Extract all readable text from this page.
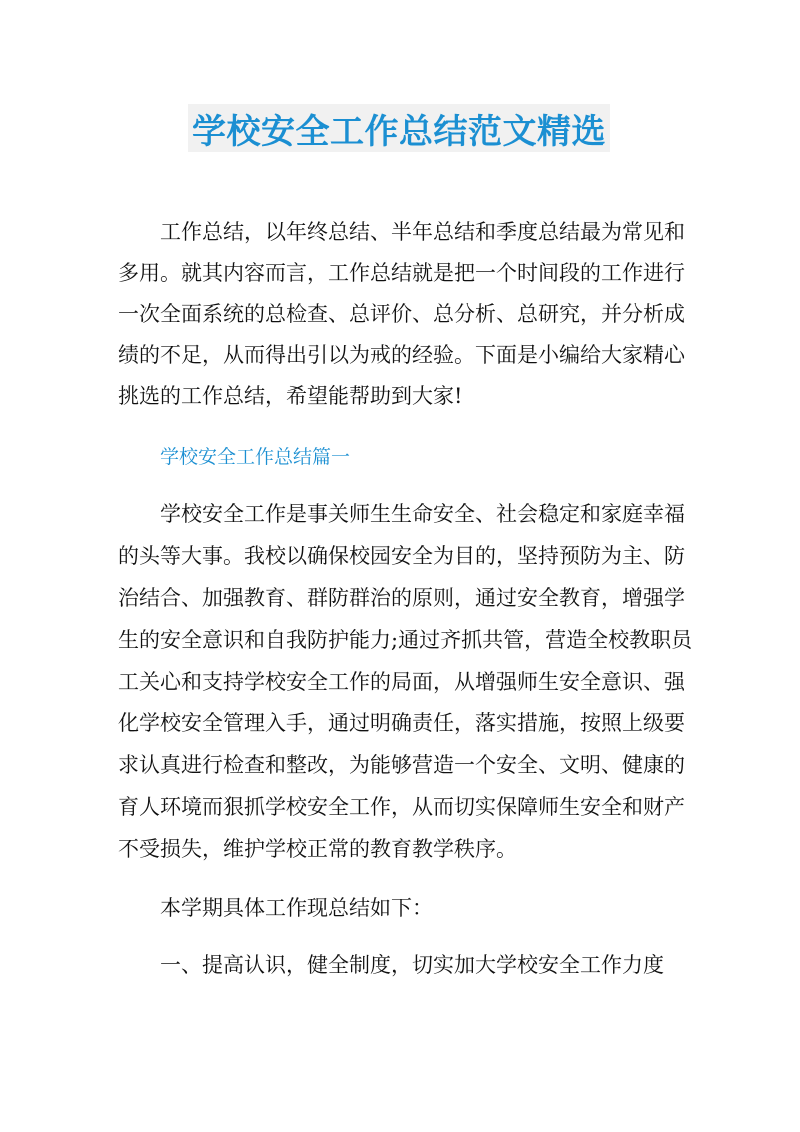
学校安全工作总结范文精选
工作总结，以年终总结、半年总结和季度总结最为常见和
多用。就其内容而言，工作总结就是把一个时间段的工作进行
一次全面系统的总检查、总评价、总分析、总研究，并分析成
绩的不足，从而得出引以为戒的经验。下面是小编给大家精心
挑选的工作总结，希望能帮助到大家!
学校安全工作总结篇一
学校安全工作是事关师生生命安全、社会稳定和家庭幸福
的头等大事。我校以确保校园安全为目的，坚持预防为主、防
治结合、加强教育、群防群治的原则，通过安全教育，增强学
生的安全意识和自我防护能力;通过齐抓共管，营造全校教职员
工关心和支持学校安全工作的局面，从增强师生安全意识、强
化学校安全管理入手，通过明确责任，落实措施，按照上级要
求认真进行检查和整改，为能够营造一个安全、文明、健康的
育人环境而狠抓学校安全工作，从而切实保障师生安全和财产
不受损失，维护学校正常的教育教学秩序。
本学期具体工作现总结如下：
一、提高认识，健全制度，切实加大学校安全工作力度
